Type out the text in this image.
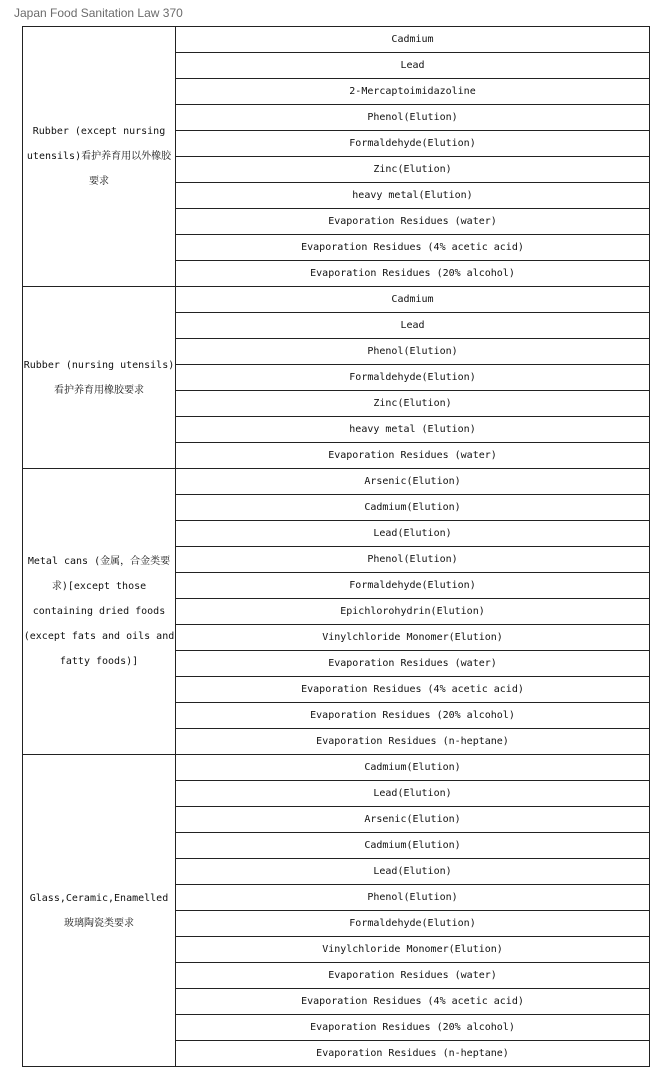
Japan Food Sanitation Law 370
Rubber (except nursing utensils)看护养育用以外橡胶要求	Cadmium
	Lead
	2-Mercaptoimidazoline
	Phenol(Elution)
	Formaldehyde(Elution)
	Zinc(Elution)
	heavy metal(Elution)
	Evaporation Residues (water)
	Evaporation Residues (4% acetic acid)
	Evaporation Residues (20% alcohol)
Rubber (nursing utensils)看护养育用橡胶要求	Cadmium
	Lead
	Phenol(Elution)
	Formaldehyde(Elution)
	Zinc(Elution)
	heavy metal (Elution)
	Evaporation Residues (water)
Metal cans (金属，合金类要求)[except those containing dried foods (except fats and oils and fatty foods)]	Arsenic(Elution)
	Cadmium(Elution)
	Lead(Elution)
	Phenol(Elution)
	Formaldehyde(Elution)
	Epichlorohydrin(Elution)
	Vinylchloride Monomer(Elution)
	Evaporation Residues (water)
	Evaporation Residues (4% acetic acid)
	Evaporation Residues (20% alcohol)
	Evaporation Residues (n-heptane)
Glass,Ceramic,Enamelled 玻璃陶瓷类要求	Cadmium(Elution)
	Lead(Elution)
	Arsenic(Elution)
	Cadmium(Elution)
	Lead(Elution)
	Phenol(Elution)
	Formaldehyde(Elution)
	Vinylchloride Monomer(Elution)
	Evaporation Residues (water)
	Evaporation Residues (4% acetic acid)
	Evaporation Residues (20% alcohol)
	Evaporation Residues (n-heptane)
